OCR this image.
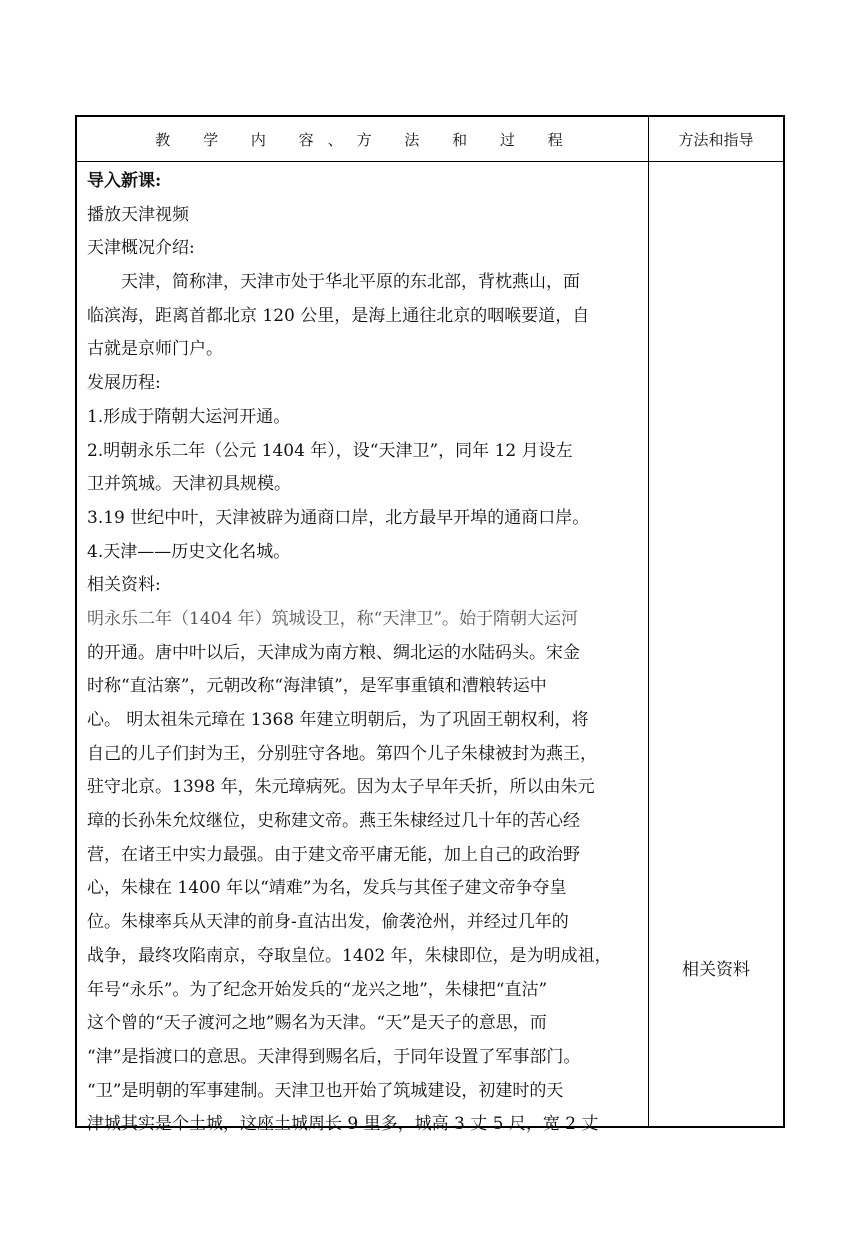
教 学 内 容、方 法 和 过 程	方法和指导
导入新课:
播放天津视频
天津概况介绍:
天津，简称津，天津市处于华北平原的东北部，背枕燕山，面
临滨海，距离首都北京 120 公里，是海上通往北京的咽喉要道，自
古就是京师门户。
发展历程:
1.形成于隋朝大运河开通。
2.明朝永乐二年（公元 1404 年），设“天津卫”，同年 12 月设左
卫并筑城。天津初具规模。
3.19 世纪中叶，天津被辟为通商口岸，北方最早开埠的通商口岸。
4.天津——历史文化名城。
相关资料:
明永乐二年（1404 年）筑城设卫，称“天津卫”。始于隋朝大运河
的开通。唐中叶以后，天津成为南方粮、绸北运的水陆码头。宋金
时称“直沽寨”，元朝改称“海津镇”，是军事重镇和漕粮转运中
心。 明太祖朱元璋在 1368 年建立明朝后，为了巩固王朝权利，将
自己的儿子们封为王，分别驻守各地。第四个儿子朱棣被封为燕王，
驻守北京。1398 年，朱元璋病死。因为太子早年夭折，所以由朱元
璋的长孙朱允炆继位，史称建文帝。燕王朱棣经过几十年的苦心经
营，在诸王中实力最强。由于建文帝平庸无能，加上自己的政治野
心，朱棣在 1400 年以“靖难”为名，发兵与其侄子建文帝争夺皇
位。朱棣率兵从天津的前身-直沽出发，偷袭沧州，并经过几年的
战争，最终攻陷南京，夺取皇位。1402 年，朱棣即位，是为明成祖，
年号“永乐”。为了纪念开始发兵的“龙兴之地”，朱棣把“直沽”
这个曾的“天子渡河之地”赐名为天津。“天”是天子的意思，而
“津”是指渡口的意思。天津得到赐名后，于同年设置了军事部门。
“卫”是明朝的军事建制。天津卫也开始了筑城建设，初建时的天
津城其实是个土城，这座土城周长 9 里多，城高 3 丈 5 尺，宽 2 丈
相关资料
